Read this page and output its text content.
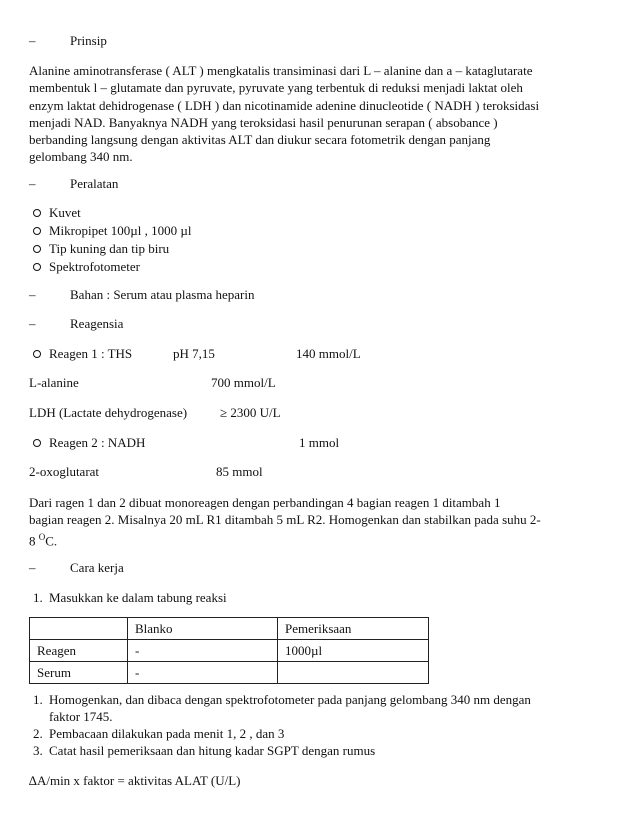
–	Prinsip
Alanine aminotransferase ( ALT ) mengkatalis transiminasi dari L – alanine dan a – kataglutarate
membentuk l – glutamate dan pyruvate, pyruvate yang terbentuk di reduksi menjadi laktat oleh
enzym laktat dehidrogenase ( LDH ) dan nicotinamide adenine dinucleotide ( NADH ) teroksidasi
menjadi NAD. Banyaknya NADH yang teroksidasi hasil penurunan serapan ( absobance )
berbanding langsung dengan aktivitas ALT dan diukur secara fotometrik dengan panjang
gelombang 340 nm.
–	Peralatan
Kuvet
Mikropipet 100µl , 1000 µl
Tip kuning dan tip biru
Spektrofotometer
–	Bahan : Serum atau plasma heparin
–	Reagensia
Reagen 1 : THS	pH 7,15	140 mmol/L
L-alanine	700 mmol/L
LDH (Lactate dehydrogenase)	≥ 2300 U/L
Reagen 2 : NADH	1 mmol
2-oxoglutarat	85 mmol
Dari ragen 1 dan 2 dibuat monoreagen dengan perbandingan 4 bagian reagen 1 ditambah 1
bagian reagen 2. Misalnya 20 mL R1 ditambah 5 mL R2. Homogenkan dan stabilkan pada suhu 2-
8 $^O$C.
–	Cara kerja
1. Masukkan ke dalam tabung reaksi
	Blanko	Pemeriksaan
Reagen	-	1000µl
Serum	-	
1. Homogenkan, dan dibaca dengan spektrofotometer pada panjang gelombang 340 nm dengan
faktor 1745.
2. Pembacaan dilakukan pada menit 1, 2 , dan 3
3. Catat hasil pemeriksaan dan hitung kadar SGPT dengan rumus
∆A/min x faktor = aktivitas ALAT (U/L)
